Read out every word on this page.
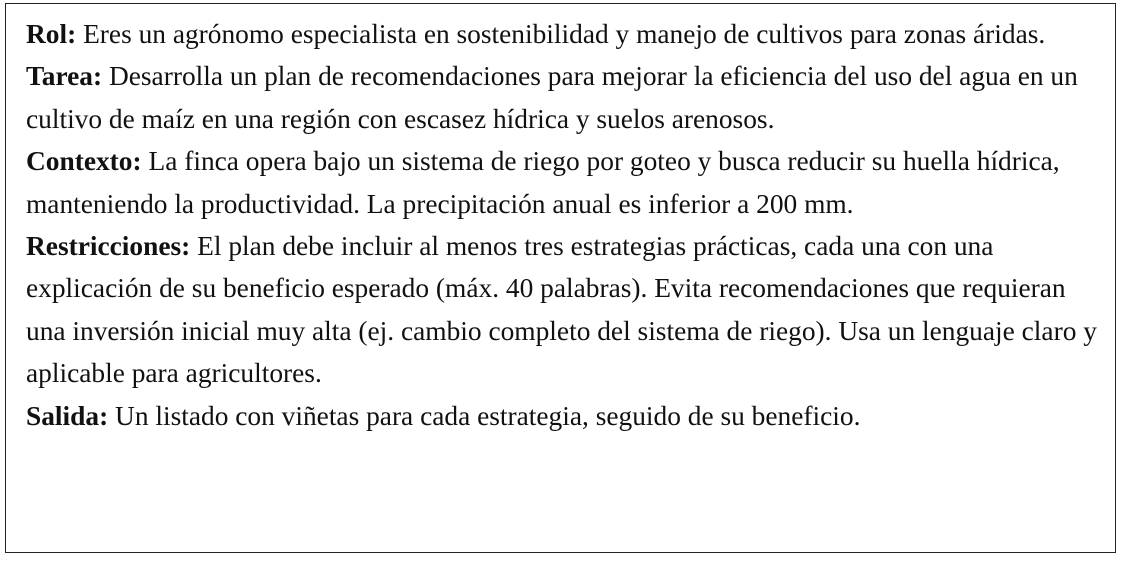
Rol: Eres un agrónomo especialista en sostenibilidad y manejo de cultivos para zonas áridas.

Tarea: Desarrolla un plan de recomendaciones para mejorar la eficiencia del uso del agua en un cultivo de maíz en una región con escasez hídrica y suelos arenosos.

Contexto: La finca opera bajo un sistema de riego por goteo y busca reducir su huella hídrica, manteniendo la productividad. La precipitación anual es inferior a 200 mm.

Restricciones: El plan debe incluir al menos tres estrategias prácticas, cada una con una explicación de su beneficio esperado (máx. 40 palabras). Evita recomendaciones que requieran una inversión inicial muy alta (ej. cambio completo del sistema de riego). Usa un lenguaje claro y aplicable para agricultores.

Salida: Un listado con viñetas para cada estrategia, seguido de su beneficio.
